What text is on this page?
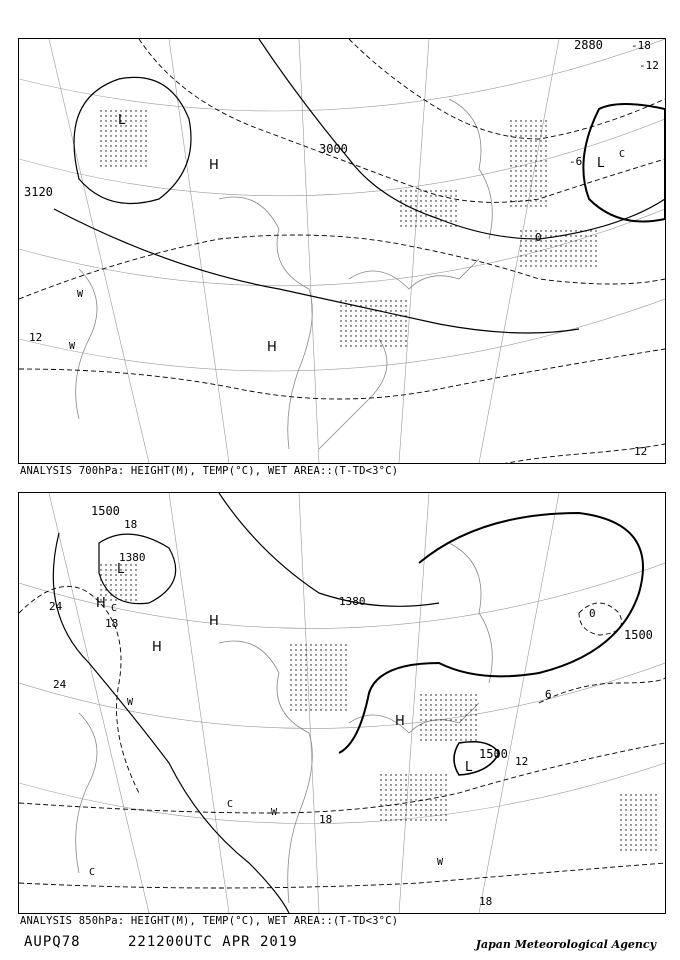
2880
3000
3120
12
-6
0
-12
-18
12
L
L
H
H
W
W
C
ANALYSIS 700hPa: HEIGHT(M), TEMP(°C), WET AREA::(T-TD<3°C)
1500
1380
1380
1500
1500
24
18
24
18
12
6
0
18
18
L
L
H
H
H
H
W
W
W
C
C
C
ANALYSIS 850hPa: HEIGHT(M), TEMP(°C), WET AREA::(T-TD<3°C)
AUPQ78	221200UTC APR 2019	Japan Meteorological Agency
